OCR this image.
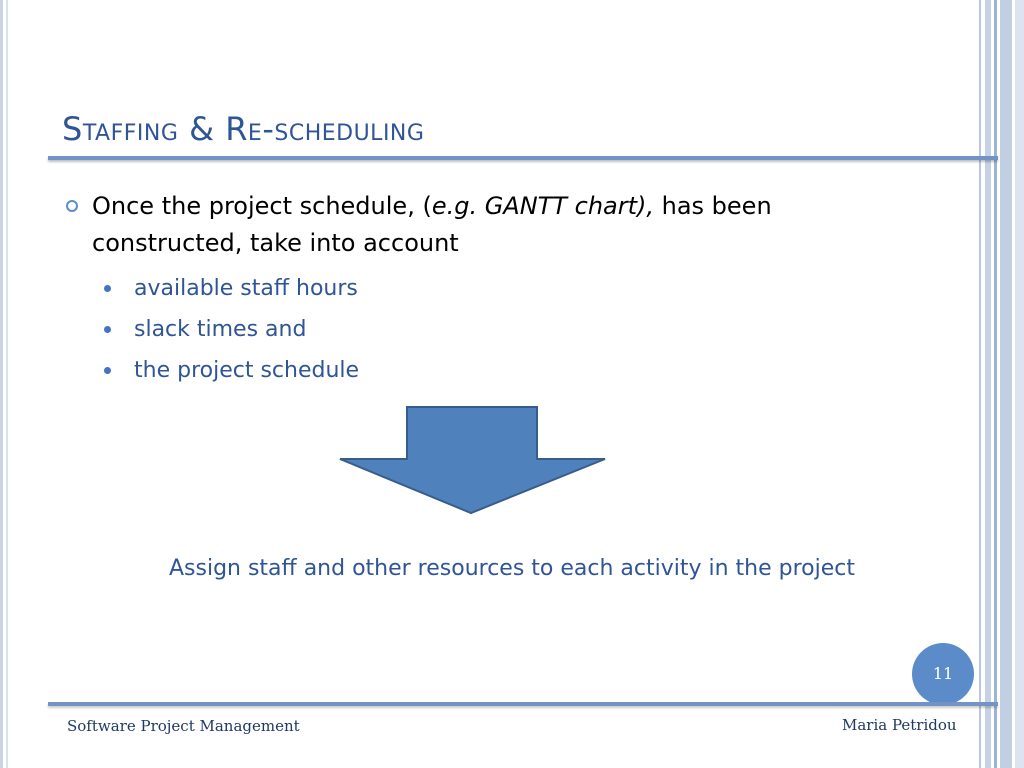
Staffing & Re-scheduling
Once the project schedule, (e.g. GANTT chart), has been constructed, take into account
available staff hours
slack times and
the project schedule
Assign staff and other resources to each activity in the project
11
Software Project Management	Maria Petridou
